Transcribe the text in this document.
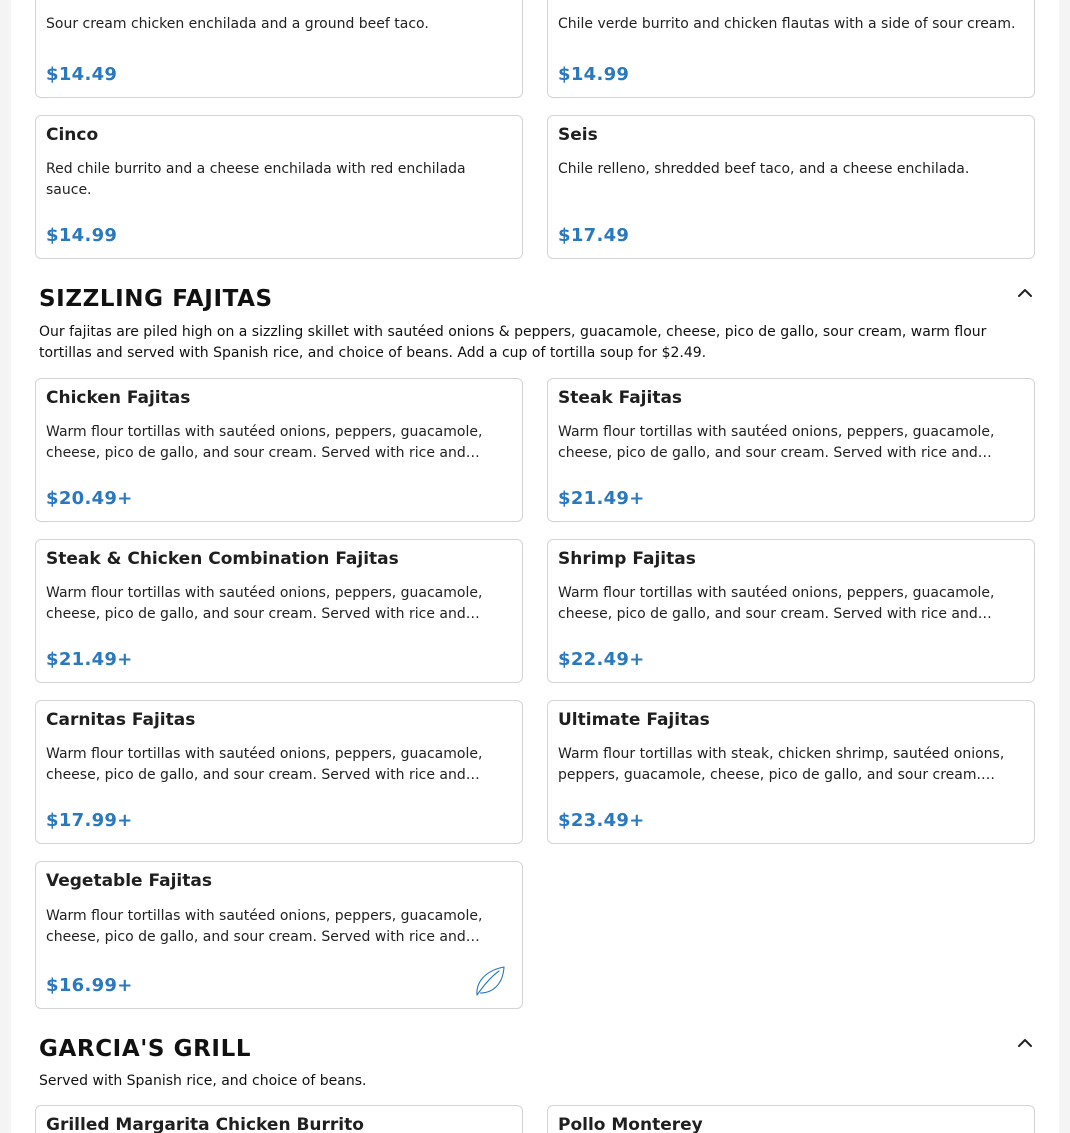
Sour cream chicken enchilada and a ground beef taco.
$14.49
Chile verde burrito and chicken flautas with a side of sour cream.
$14.99
Cinco
Red chile burrito and a cheese enchilada with red enchilada sauce.
$14.99
Seis
Chile relleno, shredded beef taco, and a cheese enchilada.
$17.49
SIZZLING FAJITAS
Our fajitas are piled high on a sizzling skillet with sautéed onions & peppers, guacamole, cheese, pico de gallo, sour cream, warm flour tortillas and served with Spanish rice, and choice of beans. Add a cup of tortilla soup for $2.49.
Chicken Fajitas
Warm flour tortillas with sautéed onions, peppers, guacamole, cheese, pico de gallo, and sour cream. Served with rice and…
$20.49+
Steak Fajitas
Warm flour tortillas with sautéed onions, peppers, guacamole, cheese, pico de gallo, and sour cream. Served with rice and…
$21.49+
Steak & Chicken Combination Fajitas
Warm flour tortillas with sautéed onions, peppers, guacamole, cheese, pico de gallo, and sour cream. Served with rice and…
$21.49+
Shrimp Fajitas
Warm flour tortillas with sautéed onions, peppers, guacamole, cheese, pico de gallo, and sour cream. Served with rice and…
$22.49+
Carnitas Fajitas
Warm flour tortillas with sautéed onions, peppers, guacamole, cheese, pico de gallo, and sour cream. Served with rice and…
$17.99+
Ultimate Fajitas
Warm flour tortillas with steak, chicken shrimp, sautéed onions, peppers, guacamole, cheese, pico de gallo, and sour cream.…
$23.49+
Vegetable Fajitas
Warm flour tortillas with sautéed onions, peppers, guacamole, cheese, pico de gallo, and sour cream. Served with rice and…
$16.99+
GARCIA'S GRILL
Served with Spanish rice, and choice of beans.
Grilled Margarita Chicken Burrito	Pollo Monterey
